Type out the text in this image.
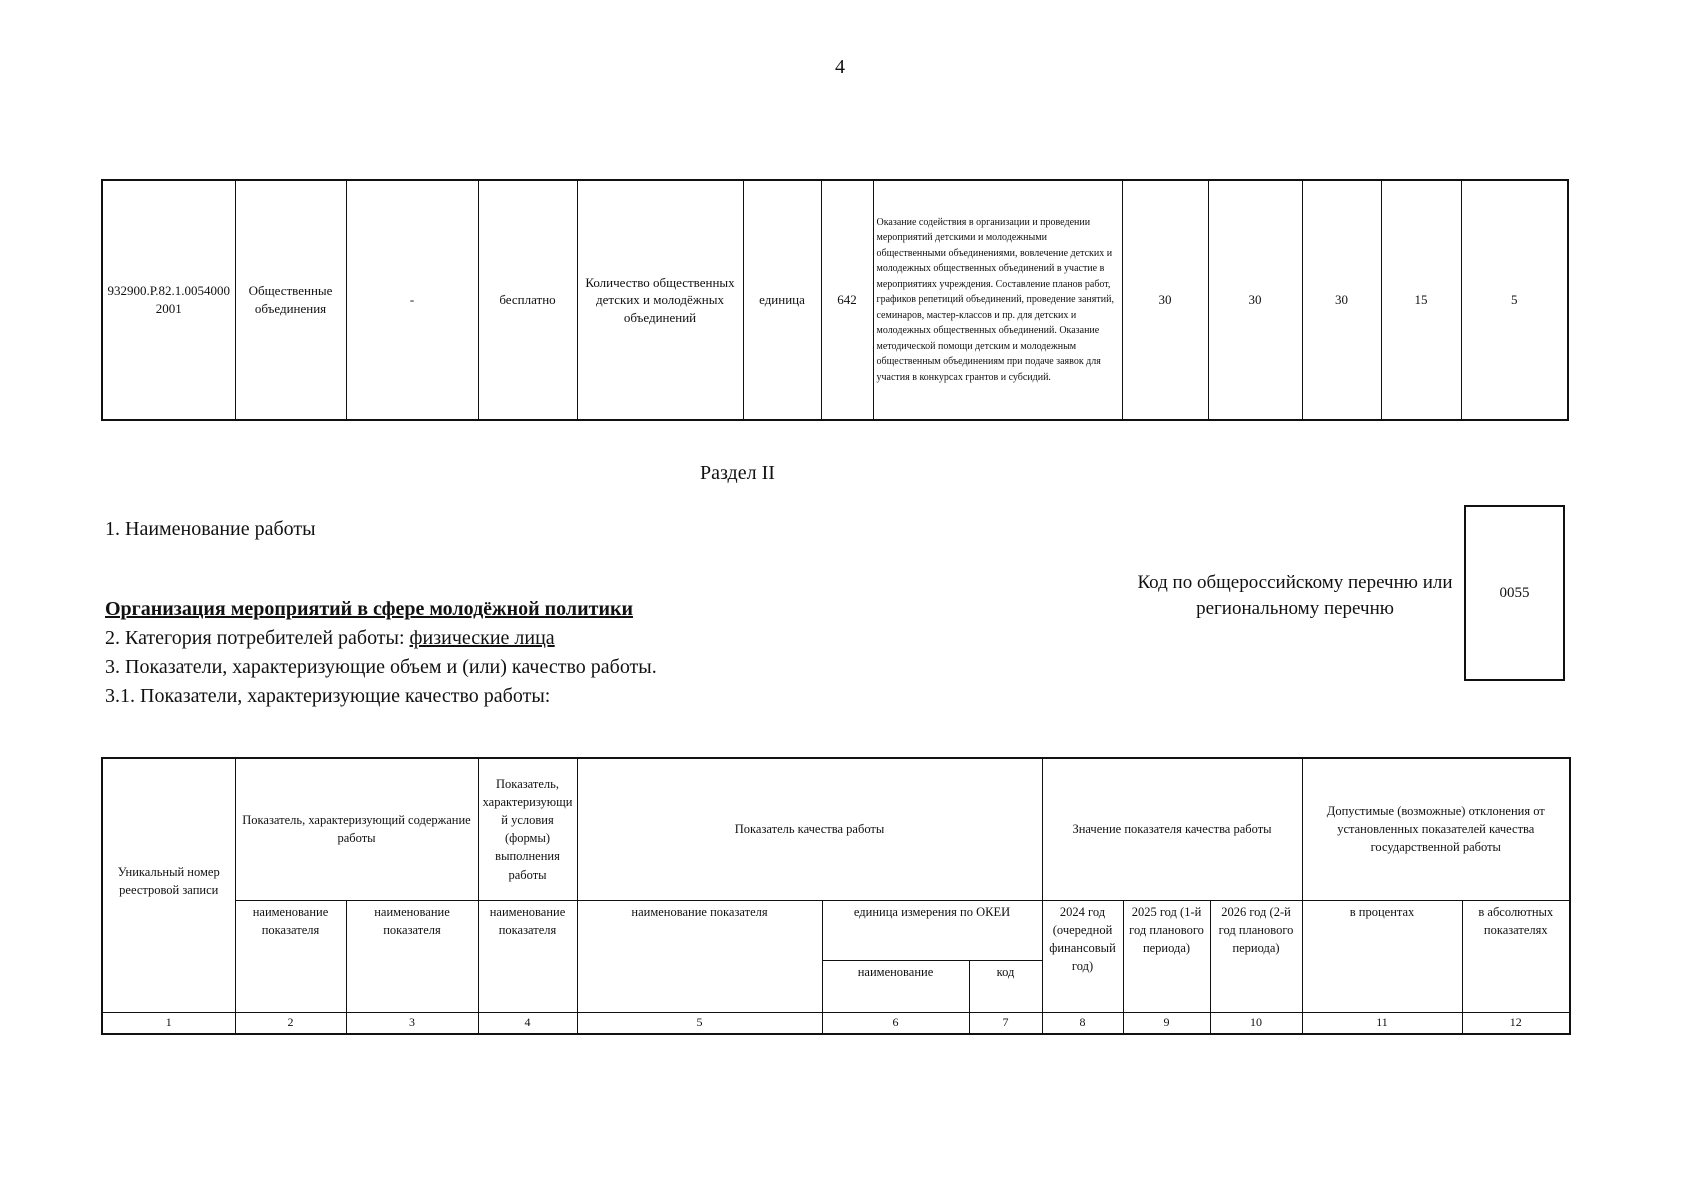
4
932900.Р.82.1.00540002001	Общественные объединения	-	бесплатно	Количество общественных детских и молодёжных объединений	единица	642	Оказание содействия в организации и проведении мероприятий детскими и молодежными общественными объединениями, вовлечение детских и молодежных общественных объединений в участие в мероприятиях учреждения. Составление планов работ, графиков репетиций объединений, проведение занятий, семинаров, мастер-классов и пр. для детских и молодежных общественных объединений. Оказание методической помощи детским и молодежным общественным объединениям при подаче заявок для участия в конкурсах грантов и субсидий.	30	30	30	15	5
Раздел II
1. Наименование работы
Код по общероссийскому перечню или региональному перечню
0055
Организация мероприятий в сфере молодёжной политики
2. Категория потребителей работы: физические лица
3. Показатели, характеризующие объем и (или) качество работы.
3.1. Показатели, характеризующие качество работы:
Уникальный номер реестровой записи	Показатель, характеризующий содержание работы		Показатель, характеризующий условия (формы) выполнения работы	Показатель качества работы			Значение показателя качества работы			Допустимые (возможные) отклонения от установленных показателей качества государственной работы	
	наименование показателя	наименование показателя	наименование показателя	наименование показателя	единица измерения по ОКЕИ		2024 год (очередной финансовый год)	2025 год (1-й год планового периода)	2026 год (2-й год планового периода)	в процентах	в абсолютных показателях
					наименование	код					
1	2	3	4	5	6	7	8	9	10	11	12
